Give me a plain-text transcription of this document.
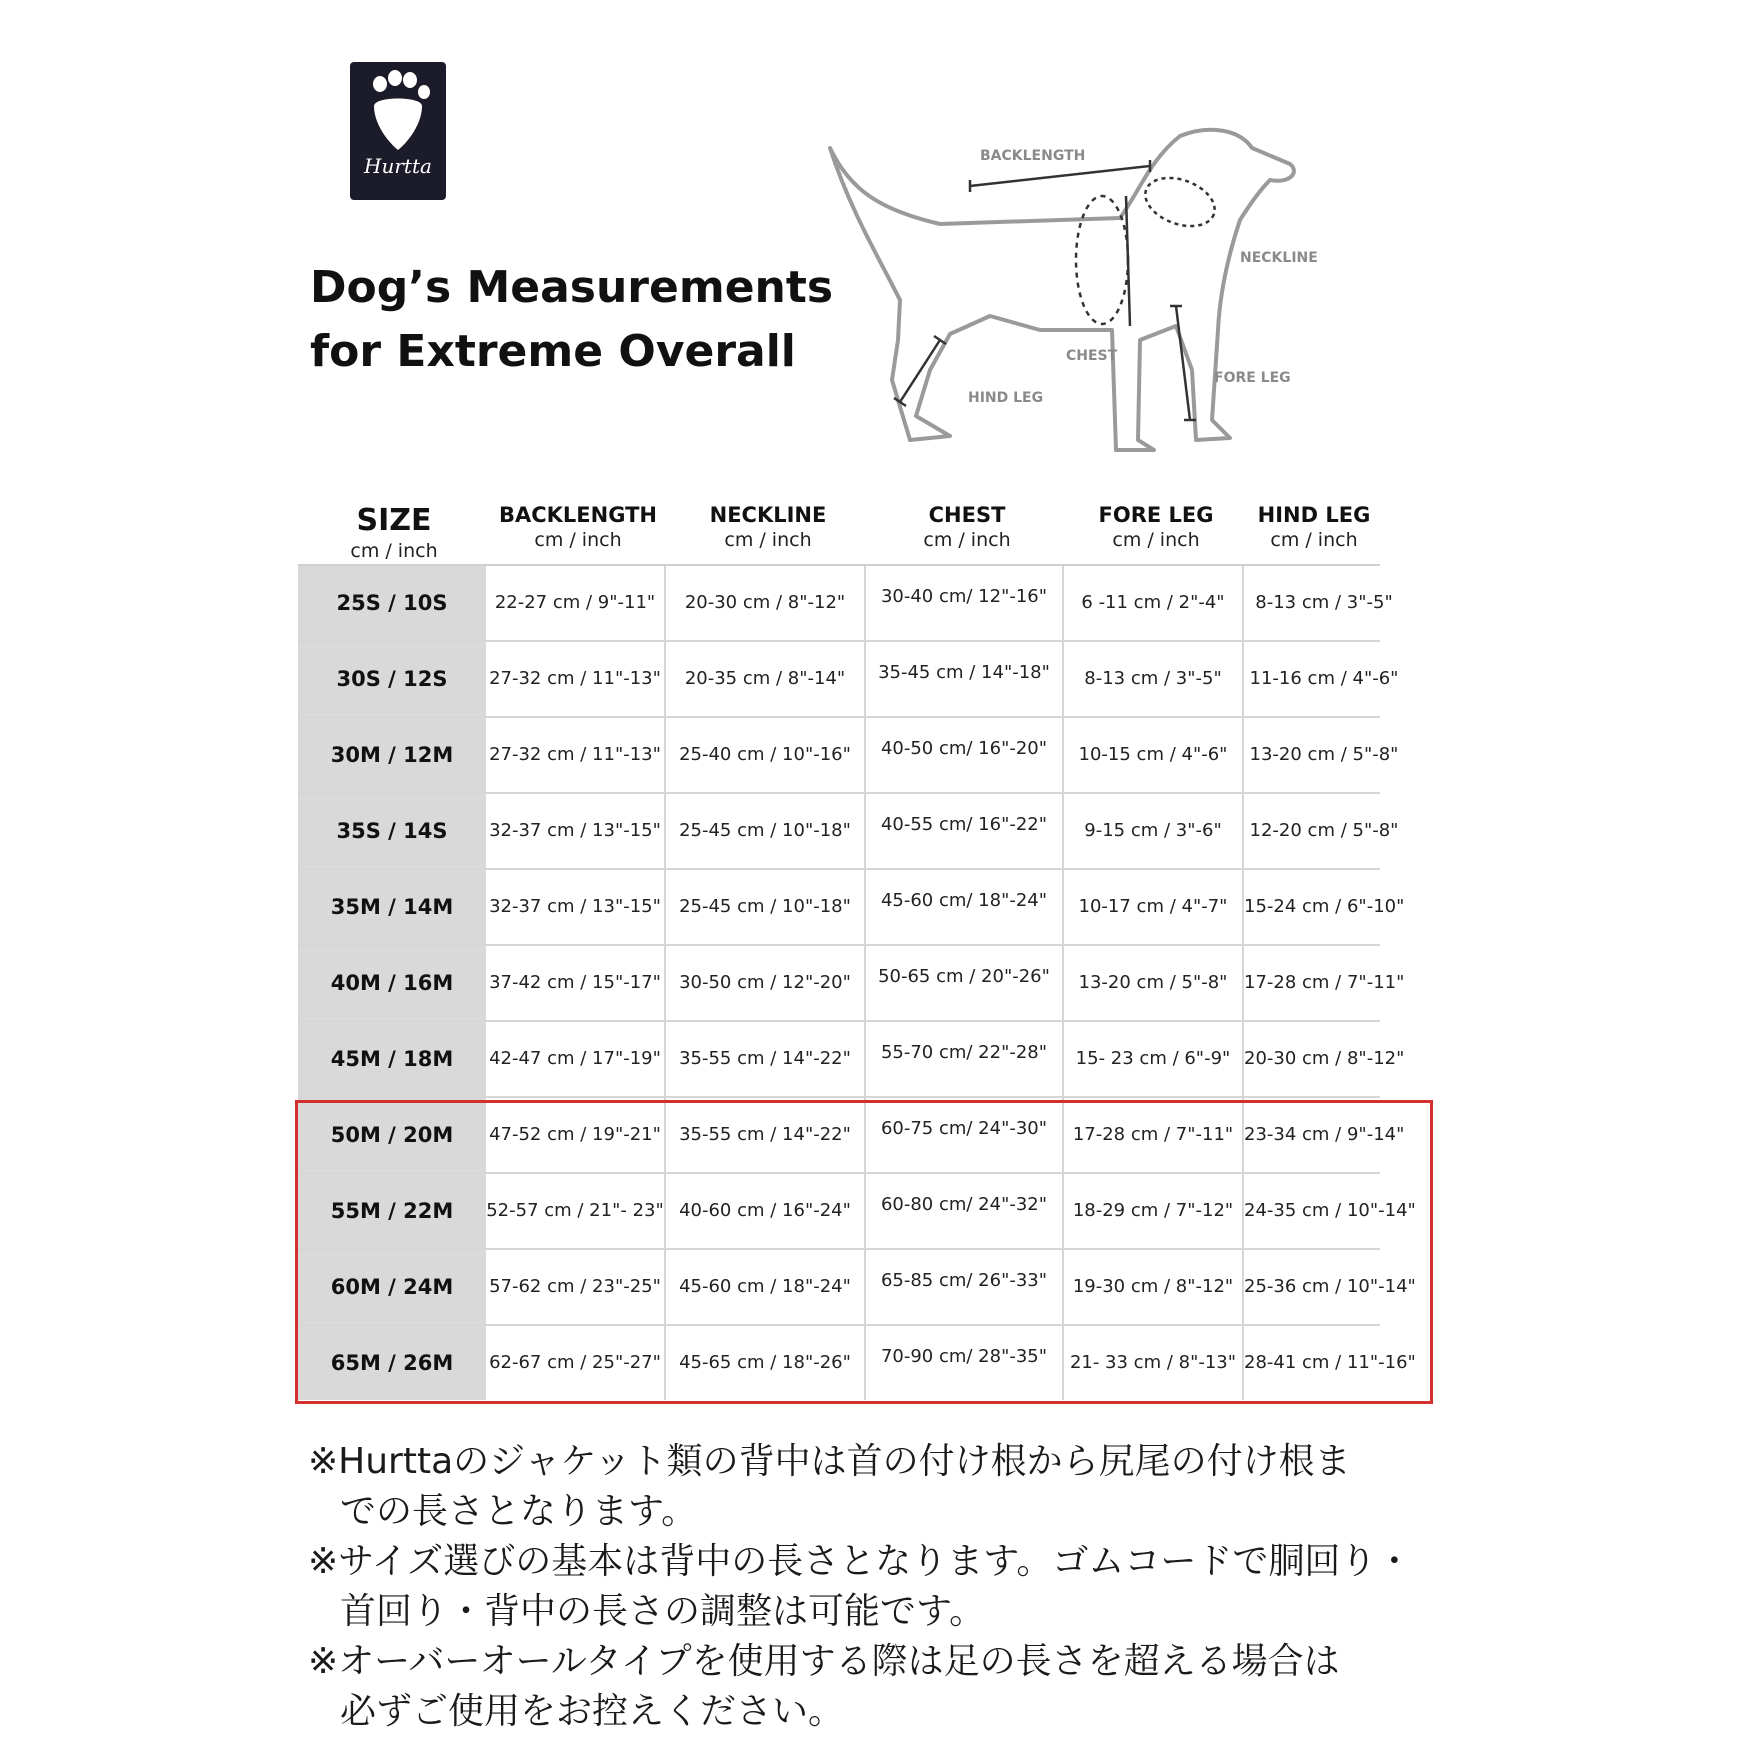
Hurtta
Dog’s Measurements
for Extreme Overall
BACKLENGTH
NECKLINE
CHEST
FORE LEG
HIND LEG
SIZE
cm / inch
BACKLENGTH
cm / inch
NECKLINE
cm / inch
CHEST
cm / inch
FORE LEG
cm / inch
HIND LEG
cm / inch
25S / 10S	22-27 cm / 9"-11"	20-30 cm / 8"-12"	30-40 cm/ 12"-16"	6 -11 cm / 2"-4"	8-13 cm / 3"-5"
30S / 12S	27-32 cm / 11"-13"	20-35 cm / 8"-14"	35-45 cm / 14"-18"	8-13 cm / 3"-5"	11-16 cm / 4"-6"
30M / 12M	27-32 cm / 11"-13"	25-40 cm / 10"-16"	40-50 cm/ 16"-20"	10-15 cm / 4"-6"	13-20 cm / 5"-8"
35S / 14S	32-37 cm / 13"-15"	25-45 cm / 10"-18"	40-55 cm/ 16"-22"	9-15 cm / 3"-6"	12-20 cm / 5"-8"
35M / 14M	32-37 cm / 13"-15"	25-45 cm / 10"-18"	45-60 cm/ 18"-24"	10-17 cm / 4"-7" 15-24 cm / 6"-10"
40M / 16M	37-42 cm / 15"-17"	30-50 cm / 12"-20"	50-65 cm / 20"-26"	13-20 cm / 5"-8" 17-28 cm / 7"-11"
45M / 18M	42-47 cm / 17"-19"	35-55 cm / 14"-22"	55-70 cm/ 22"-28"	15- 23 cm / 6"-9" 20-30 cm / 8"-12"
50M / 20M	47-52 cm / 19"-21"	35-55 cm / 14"-22"	60-75 cm/ 24"-30"	17-28 cm / 7"-11" 23-34 cm / 9"-14"
55M / 22M	52-57 cm / 21"- 23" 40-60 cm / 16"-24"	60-80 cm/ 24"-32"	18-29 cm / 7"-12" 24-35 cm / 10"-14"
60M / 24M	57-62 cm / 23"-25"	45-60 cm / 18"-24"	65-85 cm/ 26"-33"	19-30 cm / 8"-12" 25-36 cm / 10"-14"
65M / 26M	62-67 cm / 25"-27"	45-65 cm / 18"-26"	70-90 cm/ 28"-35"	21- 33 cm / 8"-13" 28-41 cm / 11"-16"
※Hurttaのジャケット類の背中は首の付け根から尻尾の付け根ま
での長さとなります。
※サイズ選びの基本は背中の長さとなります。ゴムコードで胴回り・
首回り・背中の長さの調整は可能です。
※オーバーオールタイプを使用する際は足の長さを超える場合は
必ずご使用をお控えください。
